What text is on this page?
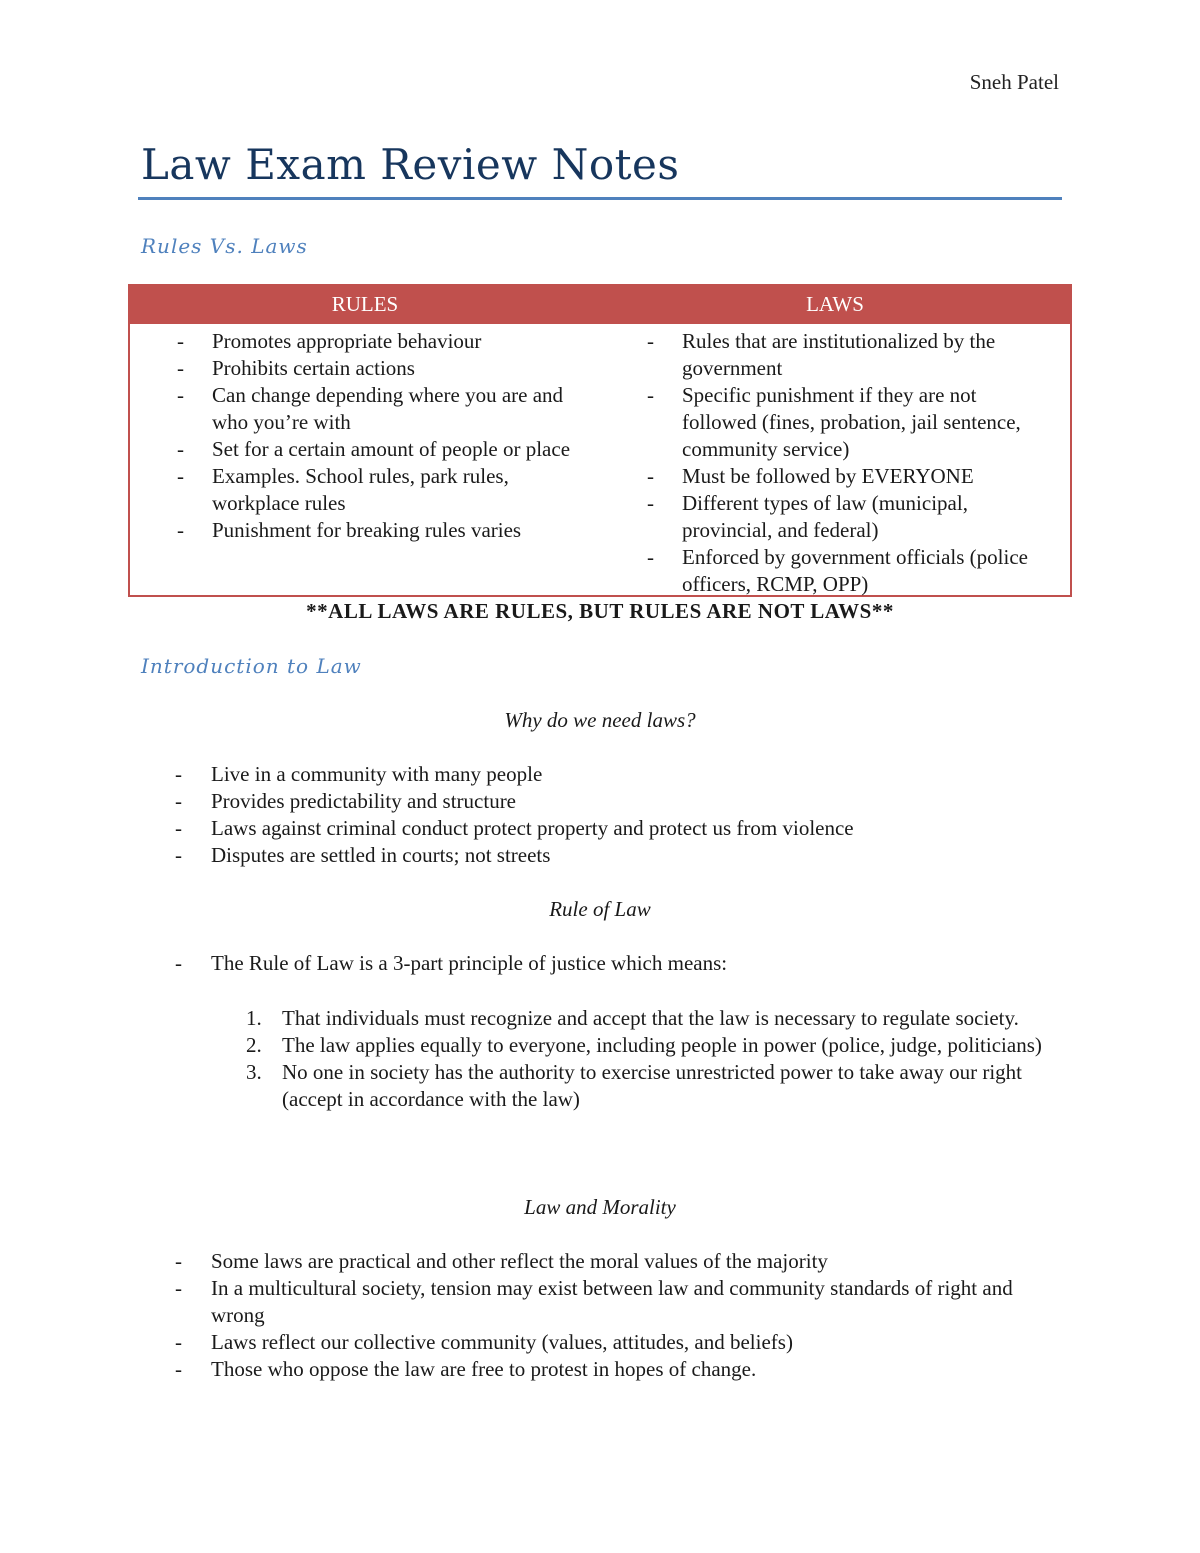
Sneh Patel
Law Exam Review Notes
Rules Vs. Laws
RULES	LAWS
- Promotes appropriate behaviour
- Prohibits certain actions
- Can change depending where you are and who you’re with
- Set for a certain amount of people or place
- Examples. School rules, park rules, workplace rules
- Punishment for breaking rules varies
- Rules that are institutionalized by the government
- Specific punishment if they are not followed (fines, probation, jail sentence, community service)
- Must be followed by EVERYONE
- Different types of law (municipal, provincial, and federal)
- Enforced by government officials (police officers, RCMP, OPP)
**ALL LAWS ARE RULES, BUT RULES ARE NOT LAWS**
Introduction to Law
Why do we need laws?
- Live in a community with many people
- Provides predictability and structure
- Laws against criminal conduct protect property and protect us from violence
- Disputes are settled in courts; not streets
Rule of Law
- The Rule of Law is a 3-part principle of justice which means:
1. That individuals must recognize and accept that the law is necessary to regulate society.
2. The law applies equally to everyone, including people in power (police, judge, politicians)
3. No one in society has the authority to exercise unrestricted power to take away our right (accept in accordance with the law)
Law and Morality
- Some laws are practical and other reflect the moral values of the majority
- In a multicultural society, tension may exist between law and community standards of right and wrong
- Laws reflect our collective community (values, attitudes, and beliefs)
- Those who oppose the law are free to protest in hopes of change.
